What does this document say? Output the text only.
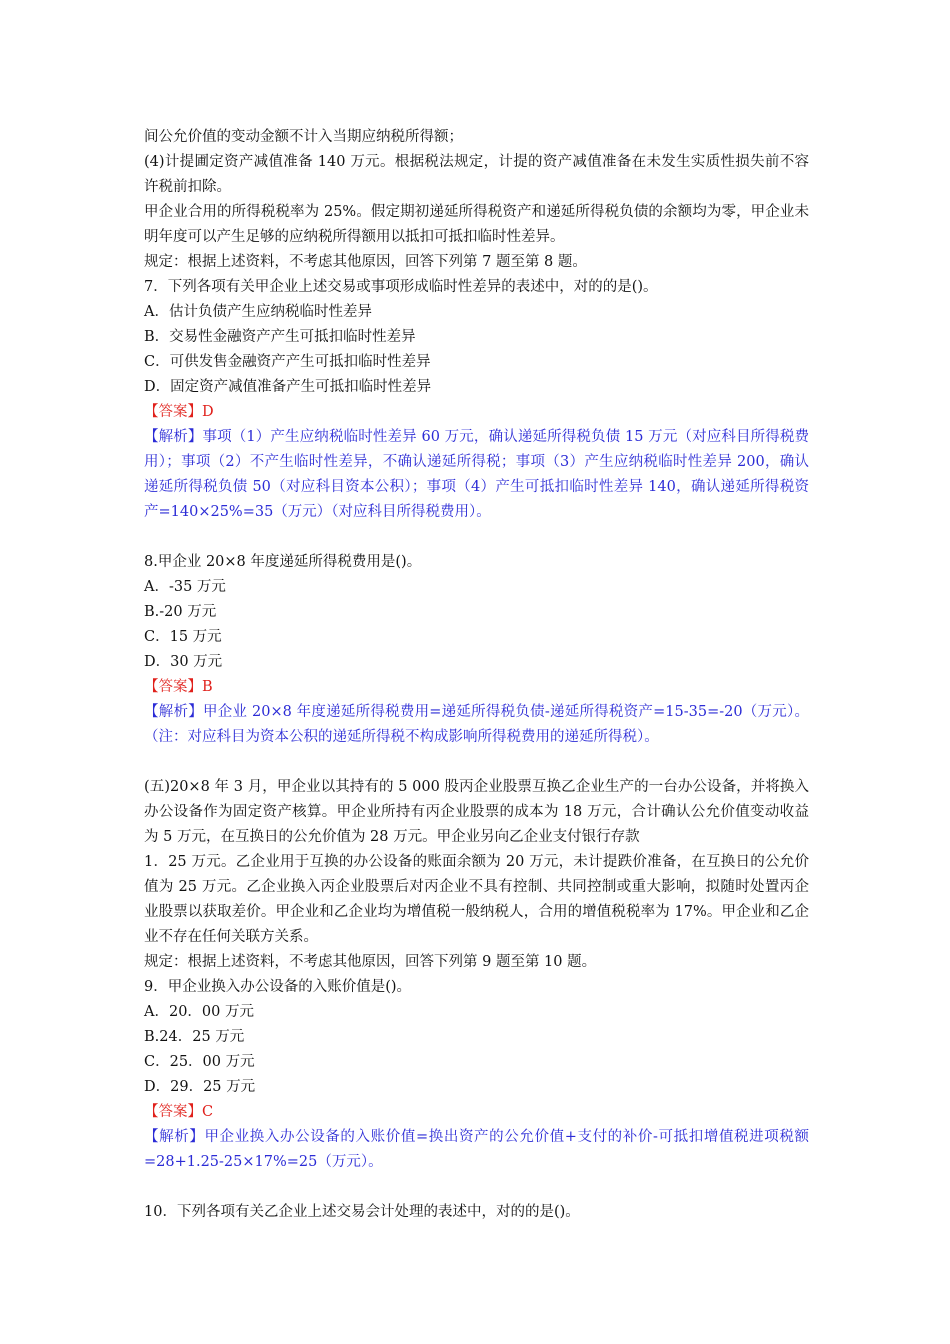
间公允价值的变动金额不计入当期应纳税所得额；

(4)计提圃定资产减值准备 140 万元。根据税法规定，计提的资产减值准备在未发生实质性损失前不容许税前扣除。

甲企业合用的所得税税率为 25%。假定期初递延所得税资产和递延所得税负债的余额均为零，甲企业未明年度可以产生足够的应纳税所得额用以抵扣可抵扣临时性差异。

规定：根据上述资料，不考虑其他原因，回答下列第 7 题至第 8 题。

7．下列各项有关甲企业上述交易或事项形成临时性差异的表述中，对的的是()。

A．估计负债产生应纳税临时性差异

B．交易性金融资产产生可抵扣临时性差异

C．可供发售金融资产产生可抵扣临时性差异

D．固定资产减值准备产生可抵扣临时性差异

【答案】D

【解析】事项（1）产生应纳税临时性差异 60 万元，确认递延所得税负债 15 万元（对应科目所得税费用）；事项（2）不产生临时性差异，不确认递延所得税；事项（3）产生应纳税临时性差异 200，确认递延所得税负债 50（对应科目资本公积）；事项（4）产生可抵扣临时性差异 140，确认递延所得税资产=140×25%=35（万元）（对应科目所得税费用）。

8.甲企业 20×8 年度递延所得税费用是()。

A．-35 万元

B.-20 万元

C．15 万元

D．30 万元

【答案】B

【解析】甲企业 20×8 年度递延所得税费用=递延所得税负债-递延所得税资产=15-35=-20（万元）。（注：对应科目为资本公积的递延所得税不构成影响所得税费用的递延所得税）。

(五)20×8 年 3 月，甲企业以其持有的 5 000 股丙企业股票互换乙企业生产的一台办公设备，并将换入办公设备作为固定资产核算。甲企业所持有丙企业股票的成本为 18 万元，合计确认公允价值变动收益为 5 万元，在互换日的公允价值为 28 万元。甲企业另向乙企业支付银行存款

1．25 万元。乙企业用于互换的办公设备的账面余额为 20 万元，未计提跌价准备，在互换日的公允价值为 25 万元。乙企业换入丙企业股票后对丙企业不具有控制、共同控制或重大影响，拟随时处置丙企业股票以获取差价。甲企业和乙企业均为增值税一般纳税人，合用的增值税税率为 17%。甲企业和乙企业不存在任何关联方关系。

规定：根据上述资料，不考虑其他原因，回答下列第 9 题至第 10 题。

9．甲企业换入办公设备的入账价值是()。

A．20．00 万元

B.24．25 万元

C．25．00 万元

D．29．25 万元

【答案】C

【解析】甲企业换入办公设备的入账价值=换出资产的公允价值+支付的补价-可抵扣增值税进项税额=28+1.25-25×17%=25（万元）。

10．下列各项有关乙企业上述交易会计处理的表述中，对的的是()。
